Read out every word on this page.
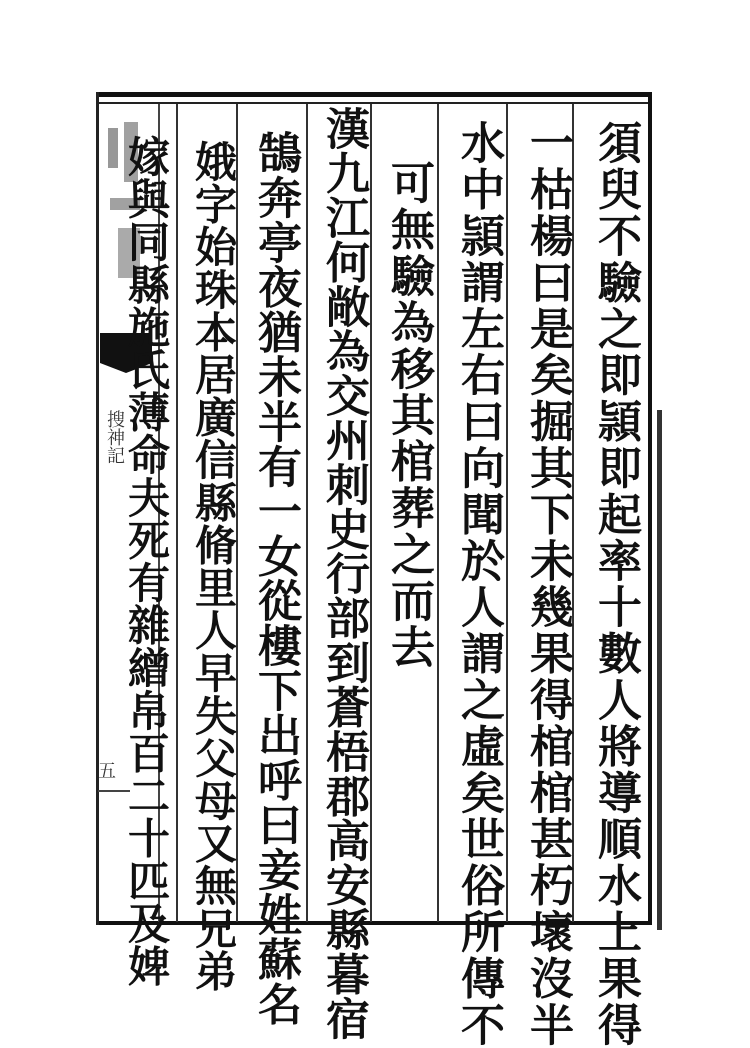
搜神記
五	須臾不驗之即頴即起率十數人將導順水上果得
一枯楊曰是矣掘其下未幾果得棺棺甚朽壞沒半
水中頴謂左右曰向聞於人謂之虛矣世俗所傳不
可無驗為移其棺葬之而去
漢九江何敞為交州刺史行部到蒼梧郡高安縣暮宿
鵠奔亭夜猶未半有一女從樓下出呼曰妾姓蘇名
娥字始珠本居廣信縣脩里人早失父母又無兄弟
嫁與同縣施氏薄命夫死有雜繒帛百二十匹及婢
